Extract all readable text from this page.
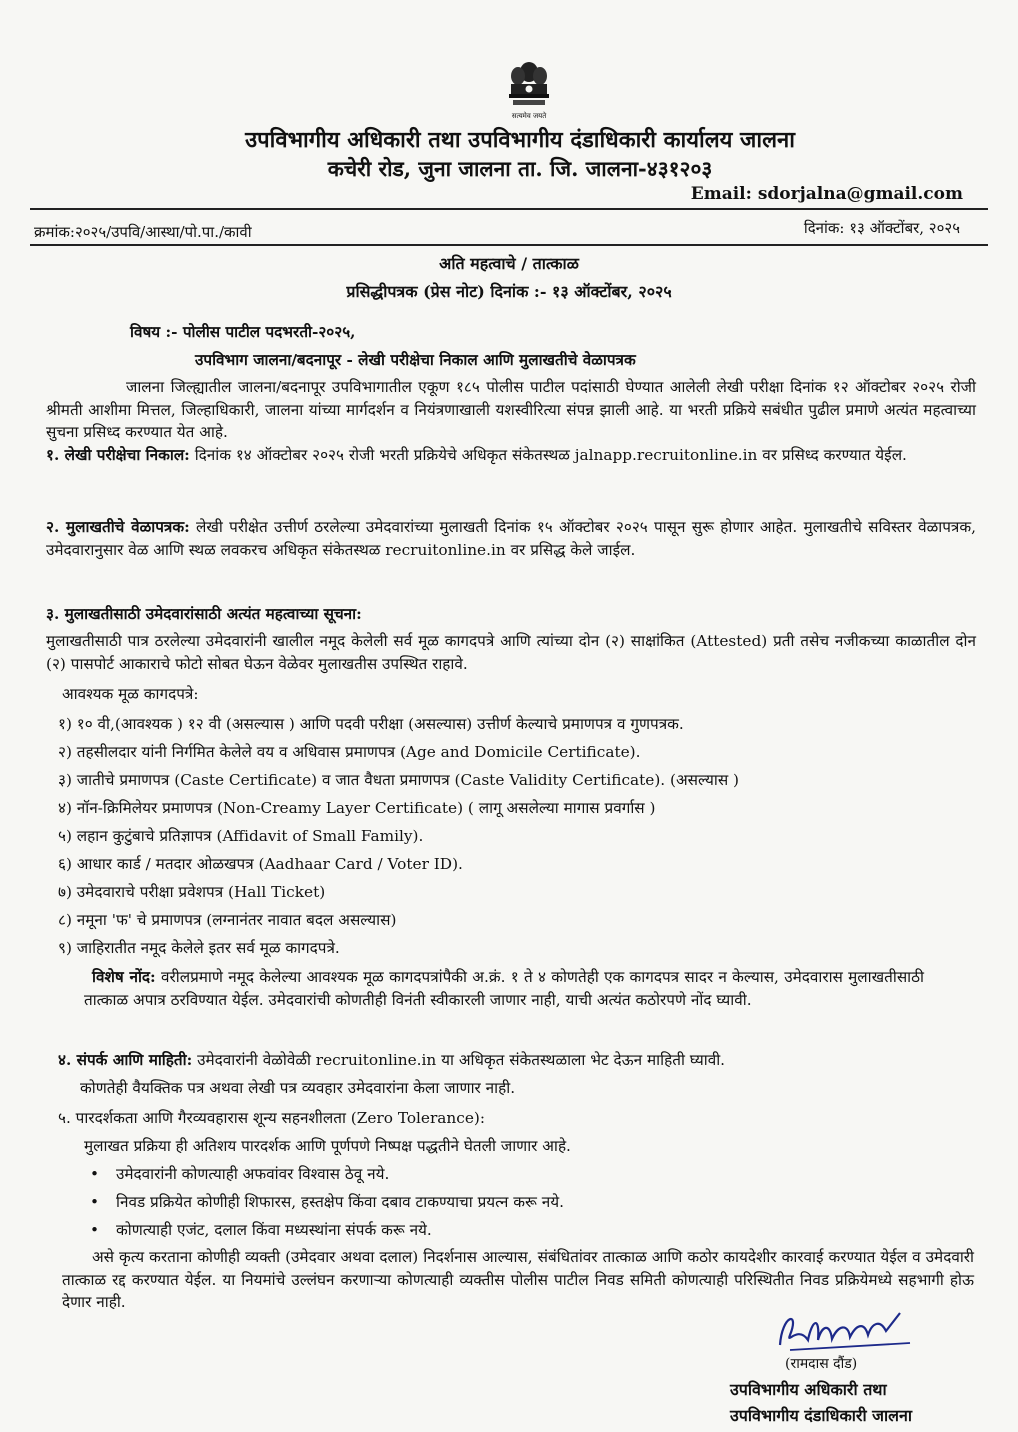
सत्यमेव जयते
उपविभागीय अधिकारी तथा उपविभागीय दंडाधिकारी कार्यालय जालना
कचेरी रोड, जुना जालना ता. जि. जालना-४३१२०३
Email: sdorjalna@gmail.com
क्रमांक:२०२५/उपवि/आस्था/पो.पा./कावी	दिनांक: १३ ऑक्टोंबर, २०२५
अति महत्वाचे / तात्काळ
प्रसिद्धीपत्रक (प्रेस नोट) दिनांक :- १३ ऑक्टोंबर, २०२५
विषय :- पोलीस पाटील पदभरती-२०२५,
उपविभाग जालना/बदनापूर - लेखी परीक्षेचा निकाल आणि मुलाखतीचे वेळापत्रक
जालना जिल्ह्यातील जालना/बदनापूर उपविभागातील एकूण १८५ पोलीस पाटील पदांसाठी घेण्यात आलेली लेखी परीक्षा दिनांक १२ ऑक्टोबर २०२५ रोजी श्रीमती आशीमा मित्तल, जिल्हाधिकारी, जालना यांच्या मार्गदर्शन व नियंत्रणाखाली यशस्वीरित्या संपन्न झाली आहे. या भरती प्रक्रिये सबंधीत पुढील प्रमाणे अत्यंत महत्वाच्या सुचना प्रसिध्द करण्यात येत आहे.
१. लेखी परीक्षेचा निकाल: दिनांक १४ ऑक्टोबर २०२५ रोजी भरती प्रक्रियेचे अधिकृत संकेतस्थळ jalnapp.recruitonline.in वर प्रसिध्द करण्यात येईल.
२. मुलाखतीचे वेळापत्रक: लेखी परीक्षेत उत्तीर्ण ठरलेल्या उमेदवारांच्या मुलाखती दिनांक १५ ऑक्टोबर २०२५ पासून सुरू होणार आहेत. मुलाखतीचे सविस्तर वेळापत्रक, उमेदवारानुसार वेळ आणि स्थळ लवकरच अधिकृत संकेतस्थळ recruitonline.in वर प्रसिद्ध केले जाईल.
३. मुलाखतीसाठी उमेदवारांसाठी अत्यंत महत्वाच्या सूचना:
मुलाखतीसाठी पात्र ठरलेल्या उमेदवारांनी खालील नमूद केलेली सर्व मूळ कागदपत्रे आणि त्यांच्या दोन (२) साक्षांकित (Attested) प्रती तसेच नजीकच्या काळातील दोन (२) पासपोर्ट आकाराचे फोटो सोबत घेऊन वेळेवर मुलाखतीस उपस्थित राहावे.
आवश्यक मूळ कागदपत्रे:
१) १० वी,(आवश्यक ) १२ वी (असल्यास ) आणि पदवी परीक्षा (असल्यास) उत्तीर्ण केल्याचे प्रमाणपत्र व गुणपत्रक.
२) तहसीलदार यांनी निर्गमित केलेले वय व अधिवास प्रमाणपत्र (Age and Domicile Certificate).
३) जातीचे प्रमाणपत्र (Caste Certificate) व जात वैधता प्रमाणपत्र (Caste Validity Certificate). (असल्यास )
४) नॉन-क्रिमिलेयर प्रमाणपत्र (Non-Creamy Layer Certificate) ( लागू असलेल्या मागास प्रवर्गास )
५) लहान कुटुंबाचे प्रतिज्ञापत्र (Affidavit of Small Family).
६) आधार कार्ड / मतदार ओळखपत्र (Aadhaar Card / Voter ID).
७) उमेदवाराचे परीक्षा प्रवेशपत्र (Hall Ticket)
८) नमूना 'फ' चे प्रमाणपत्र (लग्नानंतर नावात बदल असल्यास)
९) जाहिरातीत नमूद केलेले इतर सर्व मूळ कागदपत्रे.
विशेष नोंद: वरीलप्रमाणे नमूद केलेल्या आवश्यक मूळ कागदपत्रांपैकी अ.क्रं. १ ते ४ कोणतेही एक कागदपत्र सादर न केल्यास, उमेदवारास मुलाखतीसाठी तात्काळ अपात्र ठरविण्यात येईल. उमेदवारांची कोणतीही विनंती स्वीकारली जाणार नाही, याची अत्यंत कठोरपणे नोंद घ्यावी.
४. संपर्क आणि माहिती: उमेदवारांनी वेळोवेळी recruitonline.in या अधिकृत संकेतस्थळाला भेट देऊन माहिती घ्यावी.
कोणतेही वैयक्तिक पत्र अथवा लेखी पत्र व्यवहार उमेदवारांना केला जाणार नाही.
५. पारदर्शकता आणि गैरव्यवहारास शून्य सहनशीलता (Zero Tolerance):
मुलाखत प्रक्रिया ही अतिशय पारदर्शक आणि पूर्णपणे निष्पक्ष पद्धतीने घेतली जाणार आहे.
• उमेदवारांनी कोणत्याही अफवांवर विश्वास ठेवू नये.
• निवड प्रक्रियेत कोणीही शिफारस, हस्तक्षेप किंवा दबाव टाकण्याचा प्रयत्न करू नये.
• कोणत्याही एजंट, दलाल किंवा मध्यस्थांना संपर्क करू नये.
असे कृत्य करताना कोणीही व्यक्ती (उमेदवार अथवा दलाल) निदर्शनास आल्यास, संबंधितांवर तात्काळ आणि कठोर कायदेशीर कारवाई करण्यात येईल व उमेदवारी तात्काळ रद्द करण्यात येईल. या नियमांचे उल्लंघन करणाऱ्या कोणत्याही व्यक्तीस पोलीस पाटील निवड समिती कोणत्याही परिस्थितीत निवड प्रक्रियेमध्ये सहभागी होऊ देणार नाही.
(रामदास दौंड)
उपविभागीय अधिकारी तथा
उपविभागीय दंडाधिकारी जालना
